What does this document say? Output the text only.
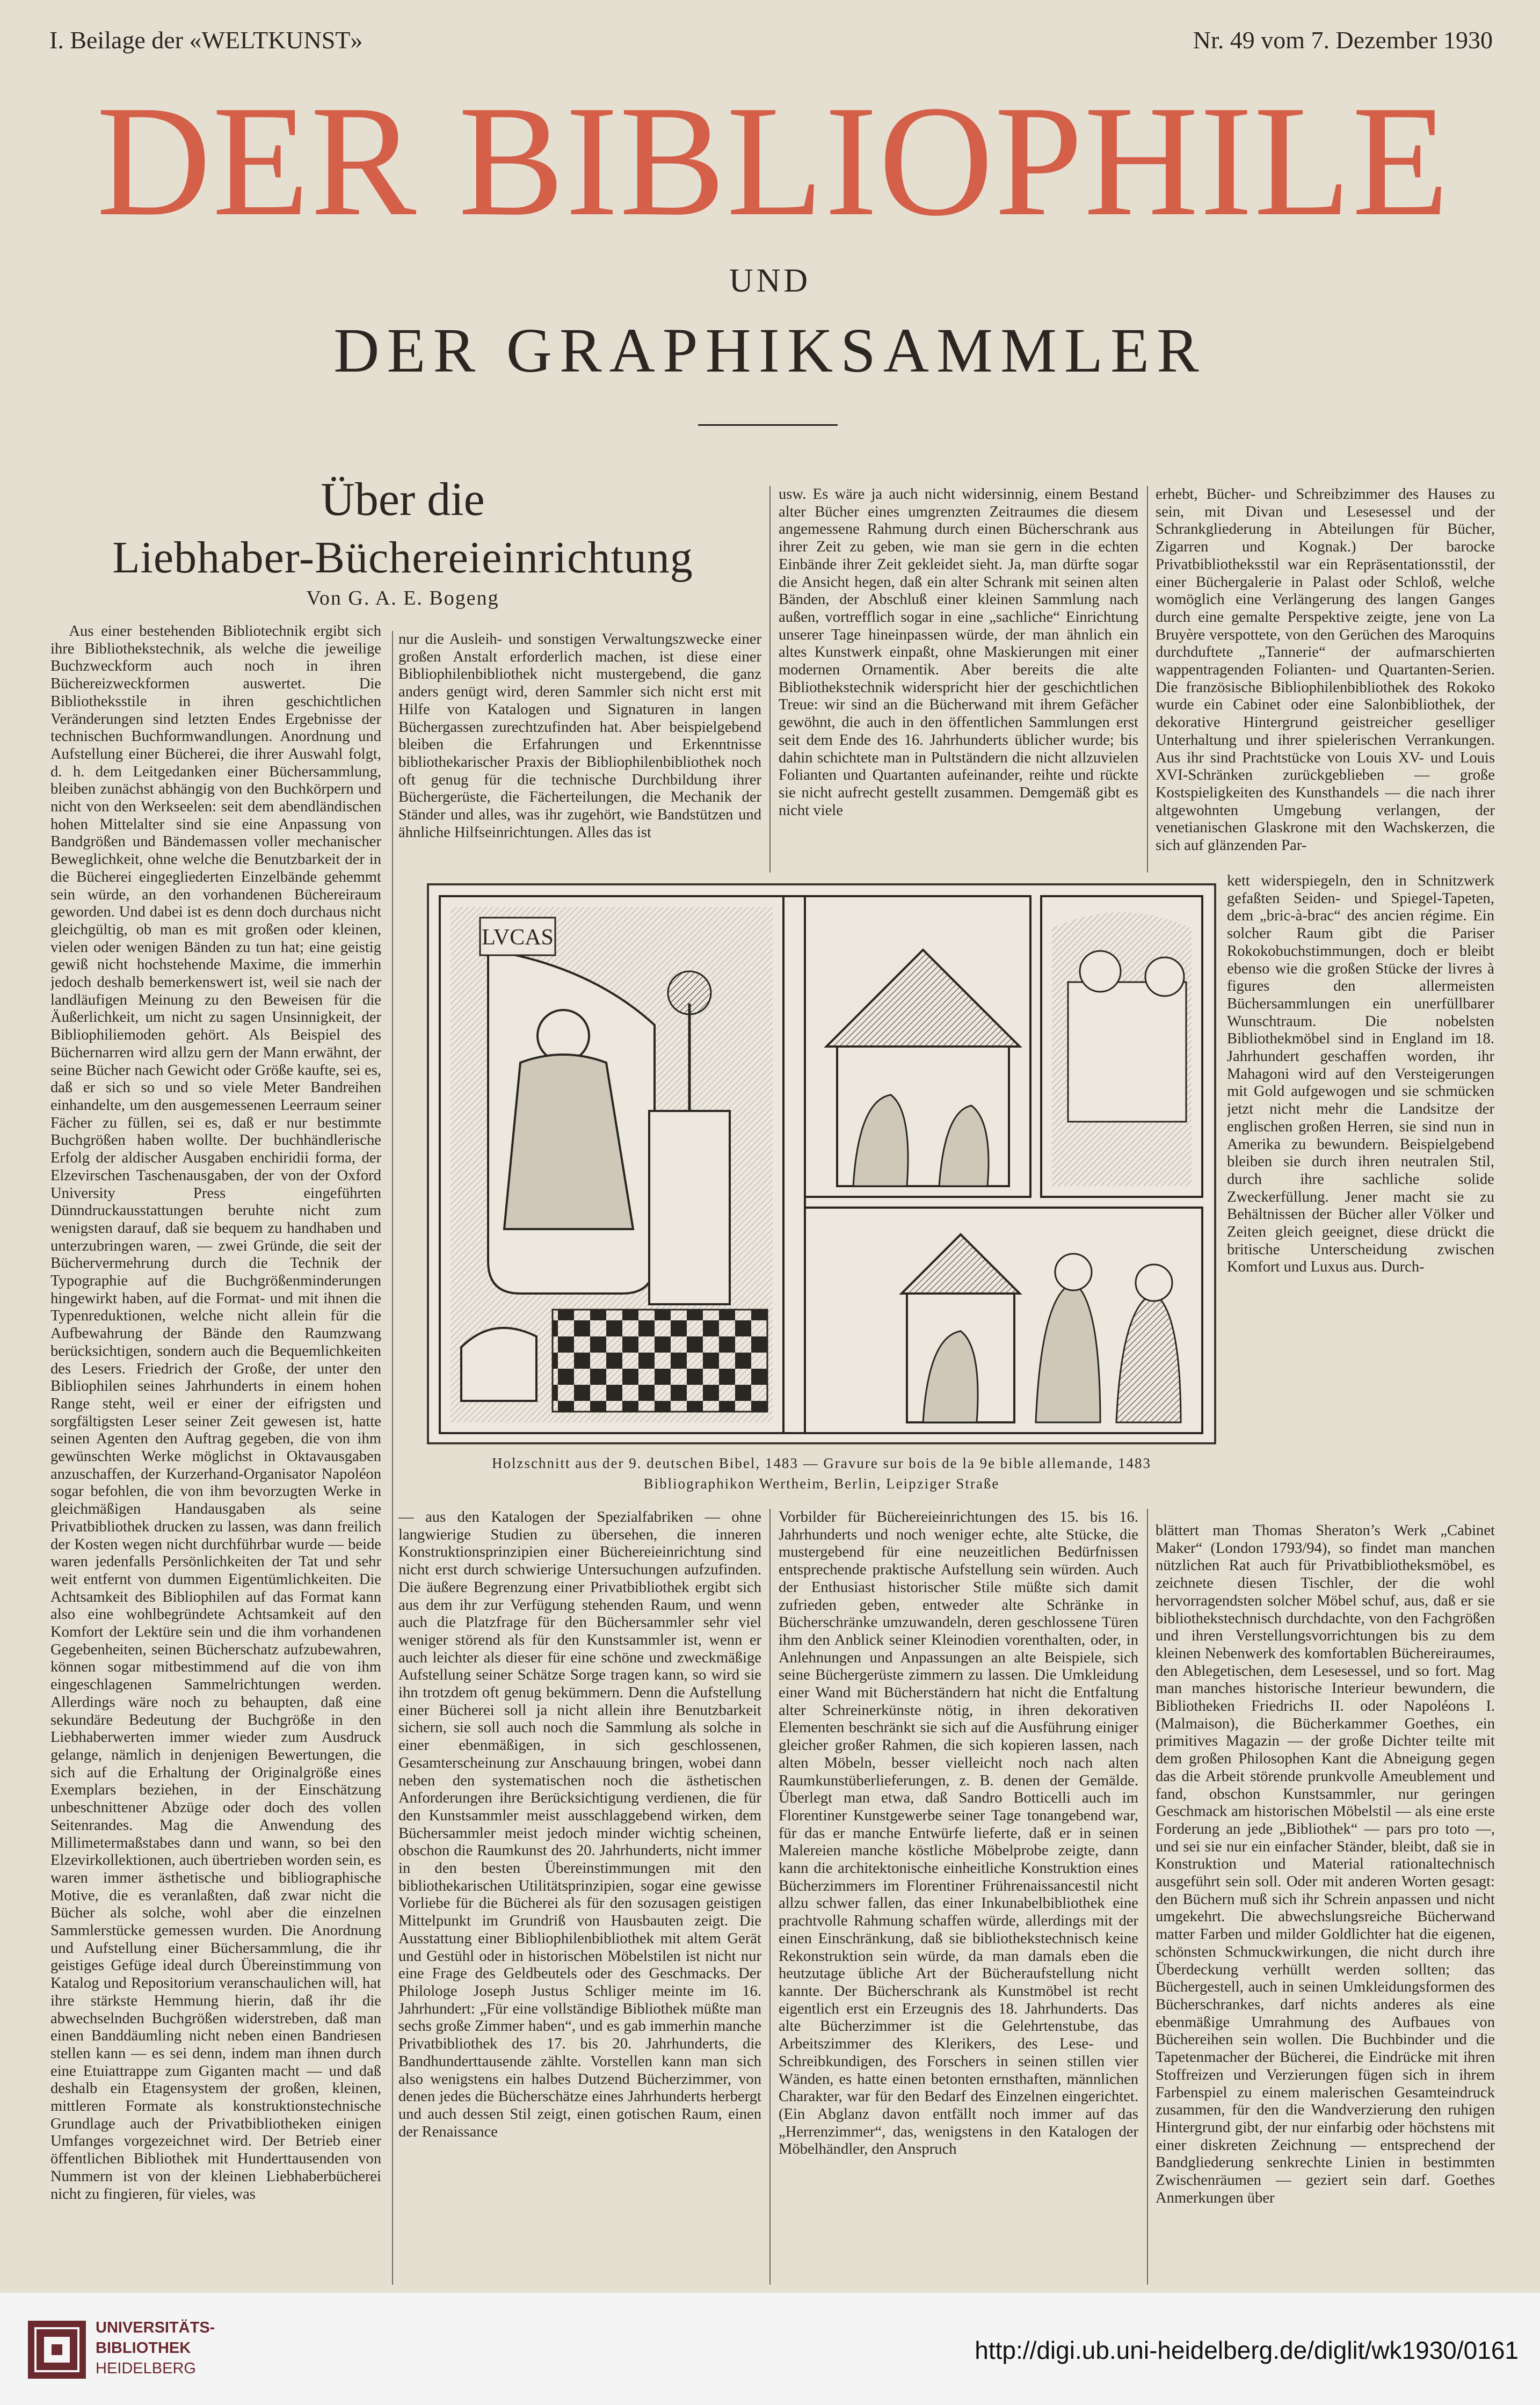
I. Beilage der «WELTKUNST»	Nr. 49 vom 7. Dezember 1930
DER BIBLIOPHILE
UND
DER GRAPHIKSAMMLER
Über die
Liebhaber-Büchereieinrichtung
Von G. A. E. Bogeng

Aus einer bestehenden Bibliotechnik ergibt sich ihre Bibliothekstechnik, als welche die jeweilige Buchzweckform auch noch in ihren Büchereizweckformen auswertet. Die Bibliotheksstile in ihren geschichtlichen Veränderungen sind letzten Endes Ergebnisse der technischen Buchformwandlungen. Anordnung und Aufstellung einer Bücherei, die ihrer Auswahl folgt, d. h. dem Leitgedanken einer Büchersammlung, bleiben zunächst abhängig von den Buchkörpern und nicht von den Werkseelen: seit dem abendländischen hohen Mittelalter sind sie eine Anpassung von Bandgrößen und Bändemassen voller mechanischer Beweglichkeit, ohne welche die Benutzbarkeit der in die Bücherei eingegliederten Einzelbände gehemmt sein würde, an den vorhandenen Büchereiraum geworden. Und dabei ist es denn doch durchaus nicht gleichgültig, ob man es mit großen oder kleinen, vielen oder wenigen Bänden zu tun hat; eine geistig gewiß nicht hochstehende Maxime, die immerhin jedoch deshalb bemerkenswert ist, weil sie nach der landläufigen Meinung zu den Beweisen für die Äußerlichkeit, um nicht zu sagen Unsinnigkeit, der Bibliophiliemoden gehört. Als Beispiel des Büchernarren wird allzu gern der Mann erwähnt, der seine Bücher nach Gewicht oder Größe kaufte, sei es, daß er sich so und so viele Meter Bandreihen einhandelte, um den ausgemessenen Leerraum seiner Fächer zu füllen, sei es, daß er nur bestimmte Buchgrößen haben wollte. Der buchhändlerische Erfolg der aldischer Ausgaben enchiridii forma, der Elzevirschen Taschenausgaben, der von der Oxford University Press eingeführten Dünndruckausstattungen beruhte nicht zum wenigsten darauf, daß sie bequem zu handhaben und unterzubringen waren, — zwei Gründe, die seit der Büchervermehrung durch die Technik der Typographie auf die Buchgrößenminderungen hingewirkt haben, auf die Format- und mit ihnen die Typenreduktionen, welche nicht allein für die Aufbewahrung der Bände den Raumzwang berücksichtigen, sondern auch die Bequemlichkeiten des Lesers. Friedrich der Große, der unter den Bibliophilen seines Jahrhunderts in einem hohen Range steht, weil er einer der eifrigsten und sorgfältigsten Leser seiner Zeit gewesen ist, hatte seinen Agenten den Auftrag gegeben, die von ihm gewünschten Werke möglichst in Oktavausgaben anzuschaffen, der Kurzerhand-Organisator Napoléon sogar befohlen, die von ihm bevorzugten Werke in gleichmäßigen Handausgaben als seine Privatbibliothek drucken zu lassen, was dann freilich der Kosten wegen nicht durchführbar wurde — beide waren jedenfalls Persönlichkeiten der Tat und sehr weit entfernt von dummen Eigentümlichkeiten. Die Achtsamkeit des Bibliophilen auf das Format kann also eine wohlbegründete Achtsamkeit auf den Komfort der Lektüre sein und die ihm vorhandenen Gegebenheiten, seinen Bücherschatz aufzubewahren, können sogar mitbestimmend auf die von ihm eingeschlagenen Sammelrichtungen werden. Allerdings wäre noch zu behaupten, daß eine sekundäre Bedeutung der Buchgröße in den Liebhaberwerten immer wieder zum Ausdruck gelange, nämlich in denjenigen Bewertungen, die sich auf die Erhaltung der Originalgröße eines Exemplars beziehen, in der Einschätzung unbeschnittener Abzüge oder doch des vollen Seitenrandes. Mag die Anwendung des Millimetermaßstabes dann und wann, so bei den Elzevirkollektionen, auch übertrieben worden sein, es waren immer ästhetische und bibliographische Motive, die es veranlaßten, daß zwar nicht die Bücher als solche, wohl aber die einzelnen Sammlerstücke gemessen wurden. Die Anordnung und Aufstellung einer Büchersammlung, die ihr geistiges Gefüge ideal durch Übereinstimmung von Katalog und Repositorium veranschaulichen will, hat ihre stärkste Hemmung hierin, daß ihr die abwechselnden Buchgrößen widerstreben, daß man einen Banddäumling nicht neben einen Bandriesen stellen kann — es sei denn, indem man ihnen durch eine Etuiattrappe zum Giganten macht — und daß deshalb ein Etagensystem der großen, kleinen, mittleren Formate als konstruktionstechnische Grundlage auch der Privatbibliotheken einigen Umfanges vorgezeichnet wird. Der Betrieb einer öffentlichen Bibliothek mit Hunderttausenden von Nummern ist von der kleinen Liebhaberbücherei nicht zu fingieren, für vieles, was

nur die Ausleih- und sonstigen Verwaltungszwecke einer großen Anstalt erforderlich machen, ist diese einer Bibliophilenbibliothek nicht mustergebend, die ganz anders genügt wird, deren Sammler sich nicht erst mit Hilfe von Katalogen und Signaturen in langen Büchergassen zurechtzufinden hat. Aber beispielgebend bleiben die Erfahrungen und Erkenntnisse bibliothekarischer Praxis der Bibliophilenbibliothek noch oft genug für die technische Durchbildung ihrer Büchergerüste, die Fächerteilungen, die Mechanik der Ständer und alles, was ihr zugehört, wie Bandstützen und ähnliche Hilfseinrichtungen. Alles das ist

usw. Es wäre ja auch nicht widersinnig, einem Bestand alter Bücher eines umgrenzten Zeitraumes die diesem angemessene Rahmung durch einen Bücherschrank aus ihrer Zeit zu geben, wie man sie gern in die echten Einbände ihrer Zeit gekleidet sieht. Ja, man dürfte sogar die Ansicht hegen, daß ein alter Schrank mit seinen alten Bänden, der Abschluß einer kleinen Sammlung nach außen, vortrefflich sogar in eine „sachliche“ Einrichtung unserer Tage hineinpassen würde, der man ähnlich ein altes Kunstwerk einpaßt, ohne Maskierungen mit einer modernen Ornamentik. Aber bereits die alte Bibliothekstechnik widerspricht hier der geschichtlichen Treue: wir sind an die Bücherwand mit ihrem Gefächer gewöhnt, die auch in den öffentlichen Sammlungen erst seit dem Ende des 16. Jahrhunderts üblicher wurde; bis dahin schichtete man in Pultständern die nicht allzuvielen Folianten und Quartanten aufeinander, reihte und rückte sie nicht aufrecht gestellt zusammen. Demgemäß gibt es nicht viele

erhebt, Bücher- und Schreibzimmer des Hauses zu sein, mit Divan und Lesesessel und der Schrankgliederung in Abteilungen für Bücher, Zigarren und Kognak.) Der barocke Privatbibliotheksstil war ein Repräsentationsstil, der einer Büchergalerie in Palast oder Schloß, welche womöglich eine Verlängerung des langen Ganges durch eine gemalte Perspektive zeigte, jene von La Bruyère verspottete, von den Gerüchen des Maroquins durchduftete „Tannerie“ der aufmarschierten wappentragenden Folianten- und Quartanten-Serien. Die französische Bibliophilenbibliothek des Rokoko wurde ein Cabinet oder eine Salonbibliothek, der dekorative Hintergrund geistreicher geselliger Unterhaltung und ihrer spielerischen Verrankungen. Aus ihr sind Prachtstücke von Louis XV- und Louis XVI-Schränken zurückgeblieben — große Kostspieligkeiten des Kunsthandels — die nach ihrer altgewohnten Umgebung verlangen, der venetianischen Glaskrone mit den Wachskerzen, die sich auf glänzenden Par-

kett widerspiegeln, den in Schnitzwerk gefaßten Seiden- und Spiegel-Tapeten, dem „bric-à-brac“ des ancien régime. Ein solcher Raum gibt die Pariser Rokokobuchstimmungen, doch er bleibt ebenso wie die großen Stücke der livres à figures den allermeisten Büchersammlungen ein unerfüllbarer Wunschtraum. Die nobelsten Bibliothekmöbel sind in England im 18. Jahrhundert geschaffen worden, ihr Mahagoni wird auf den Versteigerungen mit Gold aufgewogen und sie schmücken jetzt nicht mehr die Landsitze der englischen großen Herren, sie sind nun in Amerika zu bewundern. Beispielgebend bleiben sie durch ihren neutralen Stil, durch ihre sachliche solide Zweckerfüllung. Jener macht sie zu Behältnissen der Bücher aller Völker und Zeiten gleich geeignet, diese drückt die britische Unterscheidung zwischen Komfort und Luxus aus. Durch-

LVCAS
Holzschnitt aus der 9. deutschen Bibel, 1483 — Gravure sur bois de la 9e bible allemande, 1483
Bibliographikon Wertheim, Berlin, Leipziger Straße

— aus den Katalogen der Spezialfabriken — ohne langwierige Studien zu übersehen, die inneren Konstruktionsprinzipien einer Büchereieinrichtung sind nicht erst durch schwierige Untersuchungen aufzufinden. Die äußere Begrenzung einer Privatbibliothek ergibt sich aus dem ihr zur Verfügung stehenden Raum, und wenn auch die Platzfrage für den Büchersammler sehr viel weniger störend als für den Kunstsammler ist, wenn er auch leichter als dieser für eine schöne und zweckmäßige Aufstellung seiner Schätze Sorge tragen kann, so wird sie ihn trotzdem oft genug bekümmern. Denn die Aufstellung einer Bücherei soll ja nicht allein ihre Benutzbarkeit sichern, sie soll auch noch die Sammlung als solche in einer ebenmäßigen, in sich geschlossenen, Gesamterscheinung zur Anschauung bringen, wobei dann neben den systematischen noch die ästhetischen Anforderungen ihre Berücksichtigung verdienen, die für den Kunstsammler meist ausschlaggebend wirken, dem Büchersammler meist jedoch minder wichtig scheinen, obschon die Raumkunst des 20. Jahrhunderts, nicht immer in den besten Übereinstimmungen mit den bibliothekarischen Utilitätsprinzipien, sogar eine gewisse Vorliebe für die Bücherei als für den sozusagen geistigen Mittelpunkt im Grundriß von Hausbauten zeigt. Die Ausstattung einer Bibliophilenbibliothek mit altem Gerät und Gestühl oder in historischen Möbelstilen ist nicht nur eine Frage des Geldbeutels oder des Geschmacks. Der Philologe Joseph Justus Schliger meinte im 16. Jahrhundert: „Für eine vollständige Bibliothek müßte man sechs große Zimmer haben“, und es gab immerhin manche Privatbibliothek des 17. bis 20. Jahrhunderts, die Bandhunderttausende zählte. Vorstellen kann man sich also wenigstens ein halbes Dutzend Bücherzimmer, von denen jedes die Bücherschätze eines Jahrhunderts herbergt und auch dessen Stil zeigt, einen gotischen Raum, einen der Renaissance

Vorbilder für Büchereieinrichtungen des 15. bis 16. Jahrhunderts und noch weniger echte, alte Stücke, die mustergebend für eine neuzeitlichen Bedürfnissen entsprechende praktische Aufstellung sein würden. Auch der Enthusiast historischer Stile müßte sich damit zufrieden geben, entweder alte Schränke in Bücherschränke umzuwandeln, deren geschlossene Türen ihm den Anblick seiner Kleinodien vorenthalten, oder, in Anlehnungen und Anpassungen an alte Beispiele, sich seine Büchergerüste zimmern zu lassen. Die Umkleidung einer Wand mit Bücherständern hat nicht die Entfaltung alter Schreinerkünste nötig, in ihren dekorativen Elementen beschränkt sie sich auf die Ausführung einiger gleicher großer Rahmen, die sich kopieren lassen, nach alten Möbeln, besser vielleicht noch nach alten Raumkunstüberlieferungen, z. B. denen der Gemälde. Überlegt man etwa, daß Sandro Botticelli auch im Florentiner Kunstgewerbe seiner Tage tonangebend war, für das er manche Entwürfe lieferte, daß er in seinen Malereien manche köstliche Möbelprobe zeigte, dann kann die architektonische einheitliche Konstruktion eines Bücherzimmers im Florentiner Frührenaissancestil nicht allzu schwer fallen, das einer Inkunabelbibliothek eine prachtvolle Rahmung schaffen würde, allerdings mit der einen Einschränkung, daß sie bibliothekstechnisch keine Rekonstruktion sein würde, da man damals eben die heutzutage übliche Art der Bücheraufstellung nicht kannte. Der Bücherschrank als Kunstmöbel ist recht eigentlich erst ein Erzeugnis des 18. Jahrhunderts. Das alte Bücherzimmer ist die Gelehrtenstube, das Arbeitszimmer des Klerikers, des Lese- und Schreibkundigen, des Forschers in seinen stillen vier Wänden, es hatte einen betonten ernsthaften, männlichen Charakter, war für den Bedarf des Einzelnen eingerichtet. (Ein Abglanz davon entfällt noch immer auf das „Herrenzimmer“, das, wenigstens in den Katalogen der Möbelhändler, den Anspruch

blättert man Thomas Sheraton’s Werk „Cabinet Maker“ (London 1793/94), so findet man manchen nützlichen Rat auch für Privatbibliotheksmöbel, es zeichnete diesen Tischler, der die wohl hervorragendsten solcher Möbel schuf, aus, daß er sie bibliothekstechnisch durchdachte, von den Fachgrößen und ihren Verstellungsvorrichtungen bis zu dem kleinen Nebenwerk des komfortablen Büchereiraumes, den Ablegetischen, dem Lesesessel, und so fort. Mag man manches historische Interieur bewundern, die Bibliotheken Friedrichs II. oder Napoléons I. (Malmaison), die Bücherkammer Goethes, ein primitives Magazin — der große Dichter teilte mit dem großen Philosophen Kant die Abneigung gegen das die Arbeit störende prunkvolle Ameublement und fand, obschon Kunstsammler, nur geringen Geschmack am historischen Möbelstil — als eine erste Forderung an jede „Bibliothek“ — pars pro toto —, und sei sie nur ein einfacher Ständer, bleibt, daß sie in Konstruktion und Material rationaltechnisch ausgeführt sein soll. Oder mit anderen Worten gesagt: den Büchern muß sich ihr Schrein anpassen und nicht umgekehrt. Die abwechslungsreiche Bücherwand matter Farben und milder Goldlichter hat die eigenen, schönsten Schmuckwirkungen, die nicht durch ihre Überdeckung verhüllt werden sollten; das Büchergestell, auch in seinen Umkleidungsformen des Bücherschrankes, darf nichts anderes als eine ebenmäßige Umrahmung des Aufbaues von Büchereihen sein wollen. Die Buchbinder und die Tapetenmacher der Bücherei, die Eindrücke mit ihren Stoffreizen und Verzierungen fügen sich in ihrem Farbenspiel zu einem malerischen Gesamteindruck zusammen, für den die Wandverzierung den ruhigen Hintergrund gibt, der nur einfarbig oder höchstens mit einer diskreten Zeichnung — entsprechend der Bandgliederung senkrechte Linien in bestimmten Zwischenräumen — geziert sein darf. Goethes Anmerkungen über

UNIVERSITÄTS-
BIBLIOTHEK
HEIDELBERG
http://digi.ub.uni-heidelberg.de/diglit/wk1930/0161
